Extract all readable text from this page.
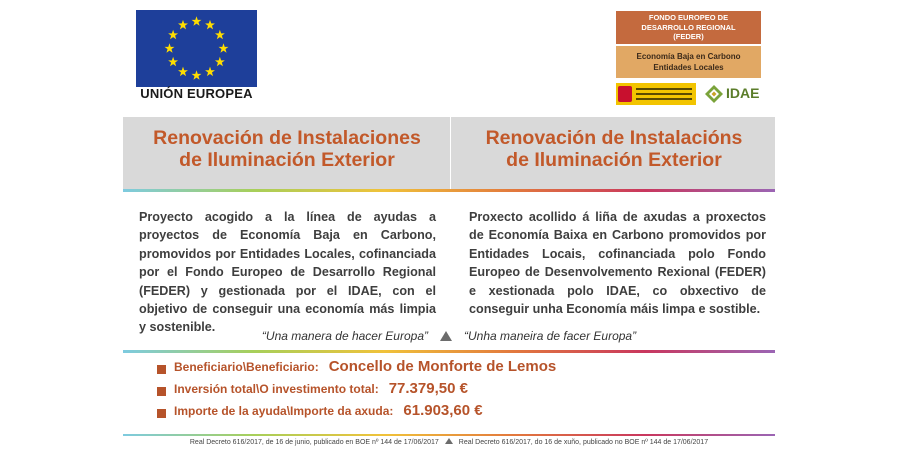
UNIÓN EUROPEA
FONDO EUROPEO DE
DESARROLLO REGIONAL
(FEDER)
Economía Baja en Carbono
Entidades Locales
IDAE
Renovación de Instalaciones
de Iluminación Exterior
Renovación de Instalacións
de Iluminación Exterior
Proyecto acogido a la línea de ayudas a proyectos de Economía Baja en Carbono, promovidos por Entidades Locales, cofinanciada por el Fondo Europeo de Desarrollo Regional (FEDER) y gestionada por el IDAE, con el objetivo de conseguir una economía más limpia y sostenible.
Proxecto acollido á liña de axudas a proxectos de Economía Baixa en Carbono promovidos por Entidades Locais, cofinanciada polo Fondo Europeo de Desenvolvemento Rexional (FEDER) e xestionada polo IDAE, co obxectivo de conseguir unha Economía máis limpa e sostible.
“Una manera de hacer Europa”	“Unha maneira de facer Europa”
Beneficiario\Beneficiario: Concello de Monforte de Lemos
Inversión total\O investimento total: 77.379,50 €
Importe de la ayuda\Importe da axuda: 61.903,60 €
Real Decreto 616/2017, de 16 de junio, publicado en BOE nº 144 de 17/06/2017	Real Decreto 616/2017, do 16 de xuño, publicado no BOE nº 144 de 17/06/2017
